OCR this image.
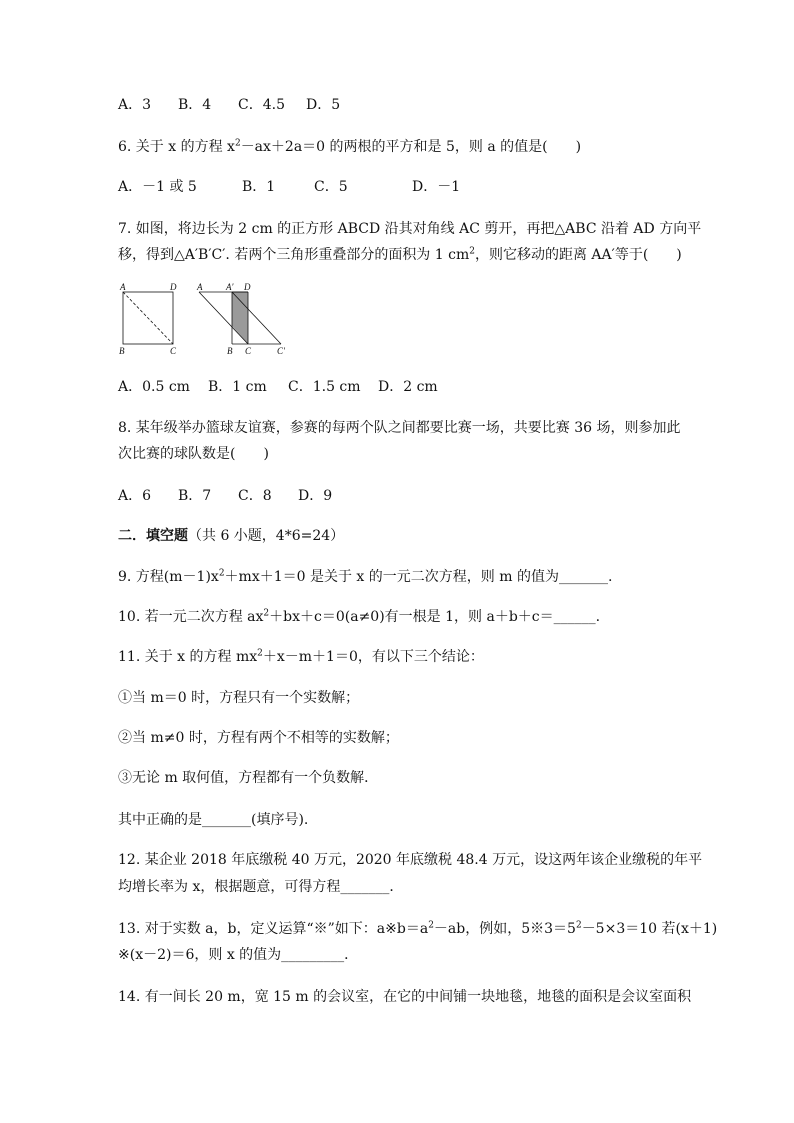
A．3 B．4 C．4.5 D．5
6. 关于 x 的方程 $x^2-ax+2a=0$ 的两根的平方和是 5，则 a 的值是(　　)
A．－1 或 5	B．1	C．5	D．－1
7. 如图，将边长为 2 cm 的正方形 ABCD 沿其对角线 AC 剪开，再把△ABC 沿着 AD 方向平
移，得到△A′B′C′. 若两个三角形重叠部分的面积为 1 $cm^2$，则它移动的距离 AA′等于(　　)
A	D
B	C
A	A′ D
B C	C′
A．0.5 cm B．1 cm C．1.5 cm D．2 cm
8. 某年级举办篮球友谊赛，参赛的每两个队之间都要比赛一场，共要比赛 36 场，则参加此
次比赛的球队数是(　　)
A．6 B．7 C．8 D．9
二．填空题（共 6 小题，4*6=24）
9. 方程$(m-1)x^2+mx+1=0$ 是关于 x 的一元二次方程，则 m 的值为_______.
10. 若一元二次方程 $ax^2+bx+c=0(a\ne 0)$有一根是 1，则 a＋b＋c＝______.
11. 关于 x 的方程 $mx^2+x-m+1=0$，有以下三个结论：
①当 m＝0 时，方程只有一个实数解；
②当 m≠0 时，方程有两个不相等的实数解；
③无论 m 取何值，方程都有一个负数解．
其中正确的是_______(填序号).
12. 某企业 2018 年底缴税 40 万元，2020 年底缴税 48.4 万元，设这两年该企业缴税的年平
均增长率为 x，根据题意，可得方程_______．
13. 对于实数 a，b，定义运算“※”如下：$a※b=a^2-ab$，例如，$5※3=5^2-5\times 3=10$ 若(x＋1)
※(x－2)＝6，则 x 的值为_________．
14. 有一间长 20 m，宽 15 m 的会议室，在它的中间铺一块地毯，地毯的面积是会议室面积
